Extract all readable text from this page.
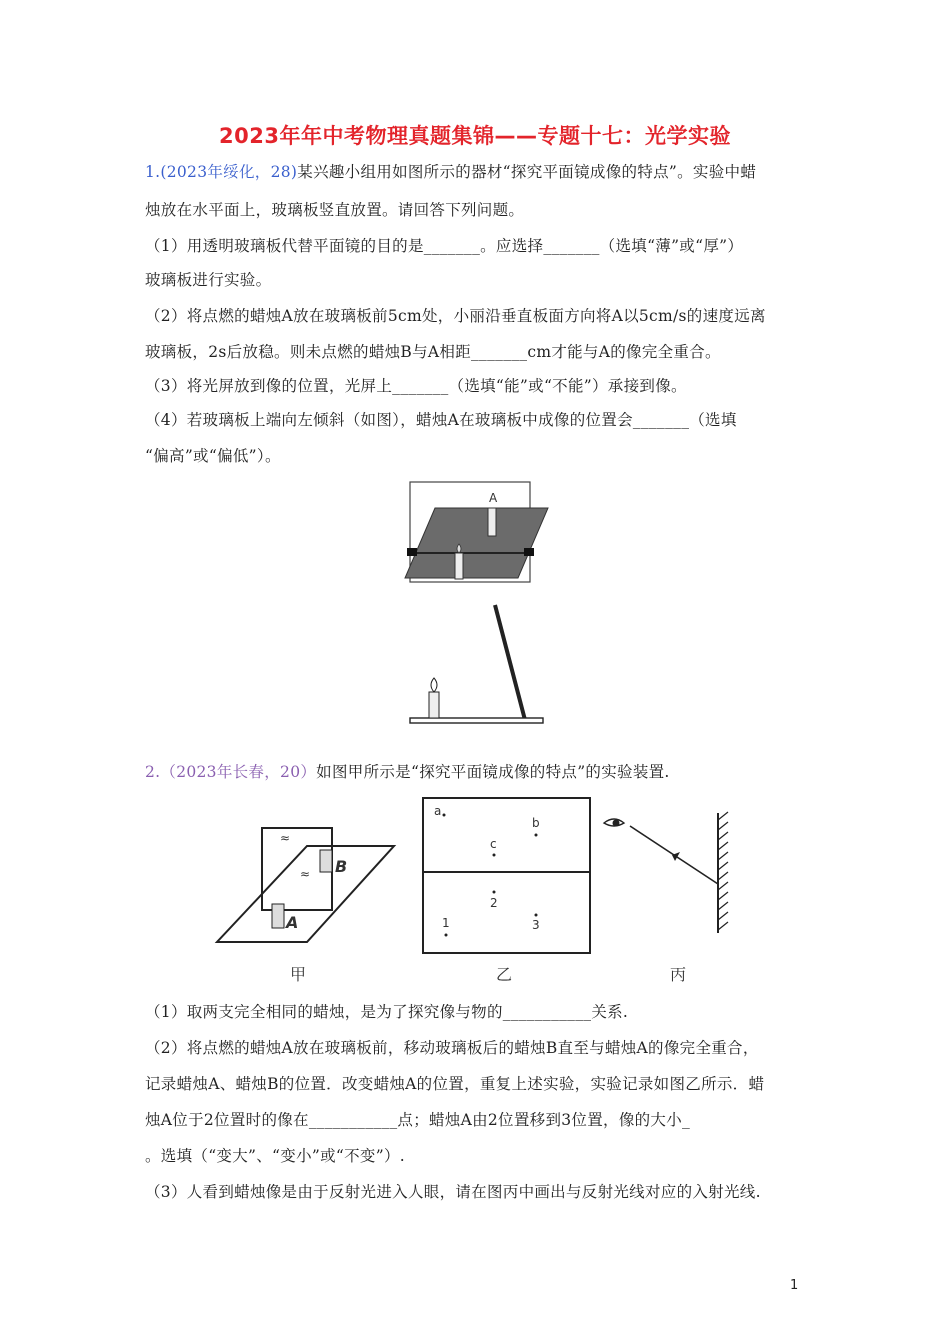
2023年年中考物理真题集锦——专题十七：光学实验
1.(2023年绥化，28)某兴趣小组用如图所示的器材“探究平面镜成像的特点”。实验中蜡
烛放在水平面上，玻璃板竖直放置。请回答下列问题。
（1）用透明玻璃板代替平面镜的目的是_______。应选择_______（选填“薄”或“厚”）
玻璃板进行实验。
（2）将点燃的蜡烛A放在玻璃板前5cm处，小丽沿垂直板面方向将A以5cm/s的速度远离
玻璃板，2s后放稳。则未点燃的蜡烛B与A相距_______cm才能与A的像完全重合。
（3）将光屏放到像的位置，光屏上_______（选填“能”或“不能”）承接到像。
（4）若玻璃板上端向左倾斜（如图），蜡烛A在玻璃板中成像的位置会_______（选填
“偏高”或“偏低”）。
A
2.（2023年长春，20）如图甲所示是“探究平面镜成像的特点”的实验装置.
≈
≈ B
A
甲
a
b
c
2
3
1
乙	丙
（1）取两支完全相同的蜡烛，是为了探究像与物的___________关系.
（2）将点燃的蜡烛A放在玻璃板前，移动玻璃板后的蜡烛B直至与蜡烛A的像完全重合，
记录蜡烛A、蜡烛B的位置．改变蜡烛A的位置，重复上述实验，实验记录如图乙所示．蜡
烛A位于2位置时的像在___________点；蜡烛A由2位置移到3位置，像的大小_
。选填（“变大”、“变小”或“不变”）.
（3）人看到蜡烛像是由于反射光进入人眼，请在图丙中画出与反射光线对应的入射光线.
1
